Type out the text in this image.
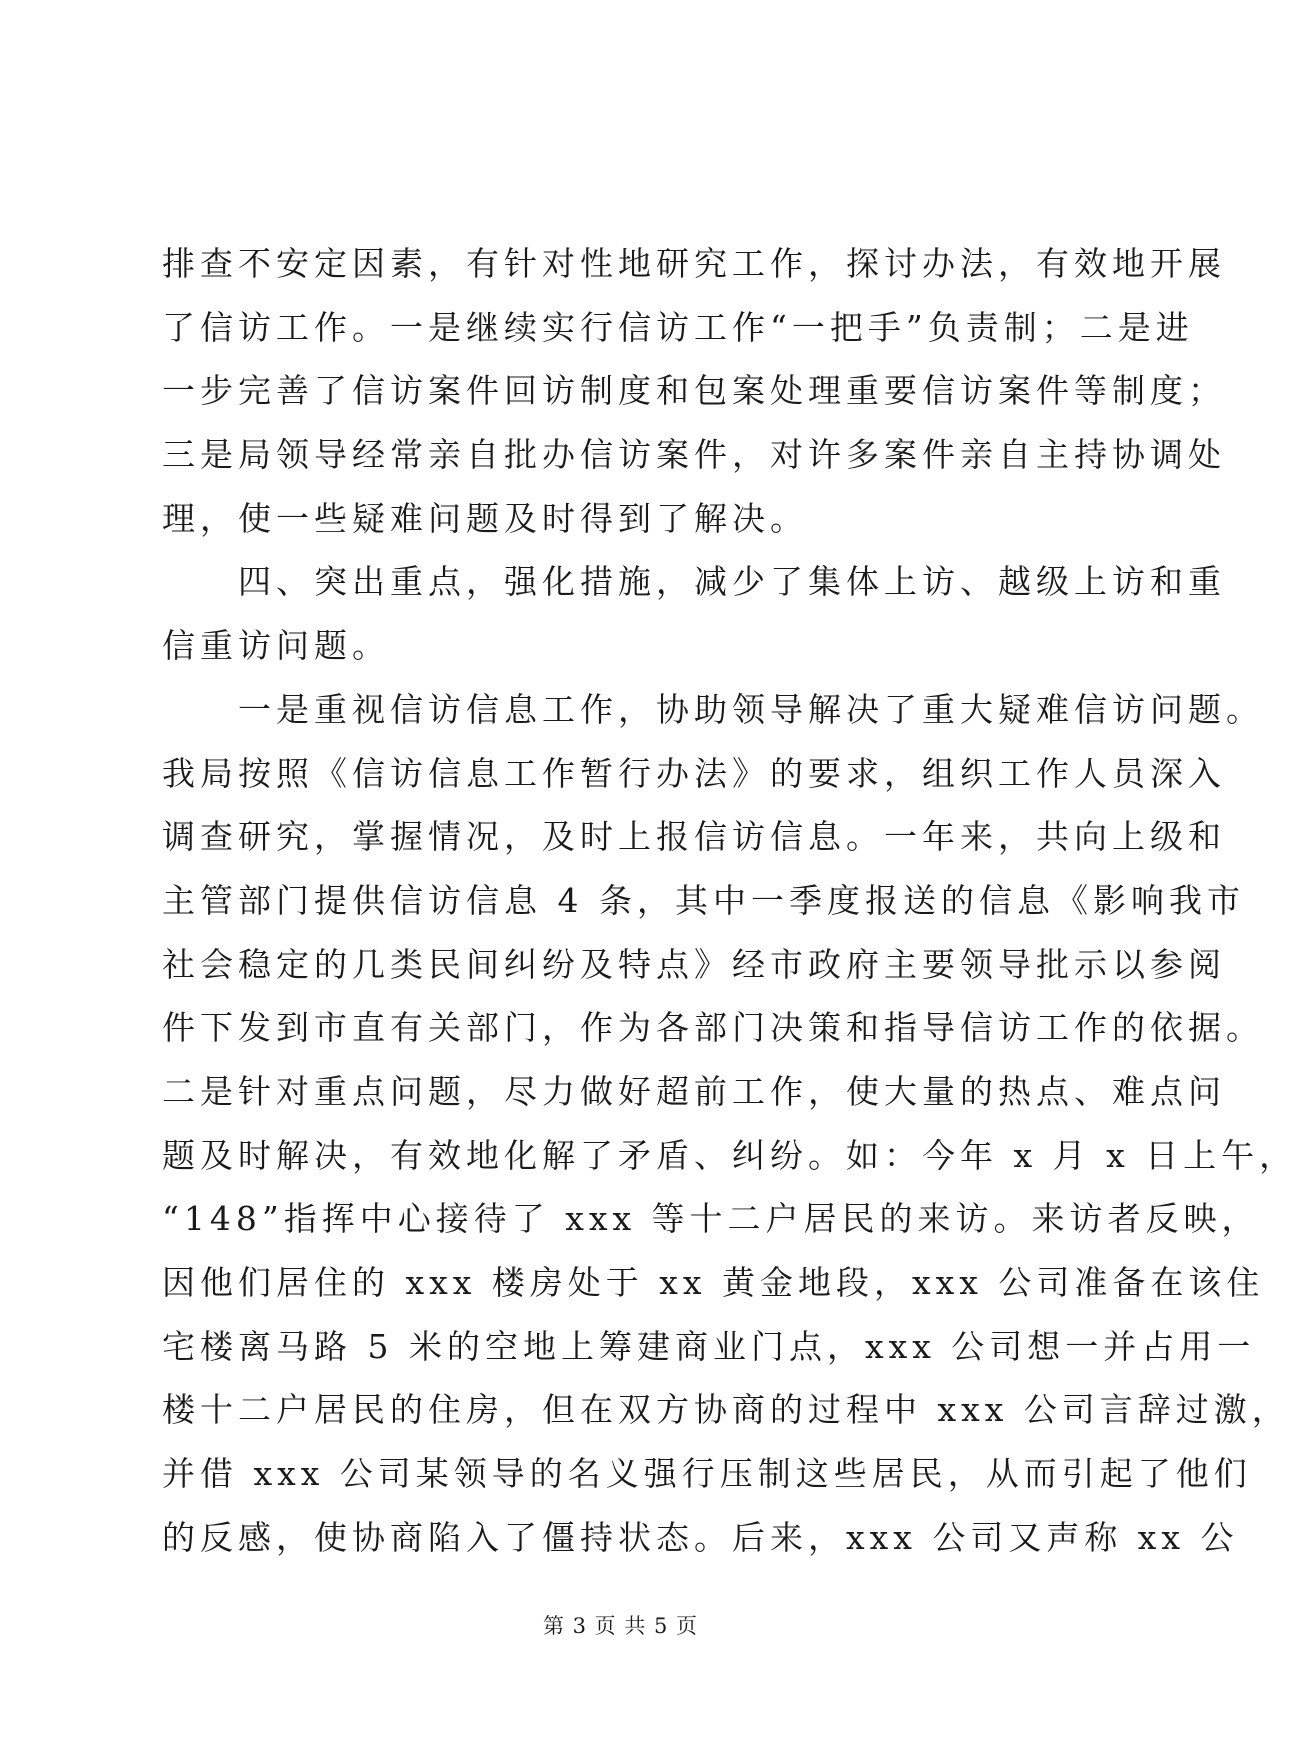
排查不安定因素，有针对性地研究工作，探讨办法，有效地开展
了信访工作。一是继续实行信访工作“一把手”负责制；二是进
一步完善了信访案件回访制度和包案处理重要信访案件等制度；
三是局领导经常亲自批办信访案件，对许多案件亲自主持协调处
理，使一些疑难问题及时得到了解决。
四、突出重点，强化措施，减少了集体上访、越级上访和重
信重访问题。
一是重视信访信息工作，协助领导解决了重大疑难信访问题。
我局按照《信访信息工作暂行办法》的要求，组织工作人员深入
调查研究，掌握情况，及时上报信访信息。一年来，共向上级和
主管部门提供信访信息 4 条，其中一季度报送的信息《影响我市
社会稳定的几类民间纠纷及特点》经市政府主要领导批示以参阅
件下发到市直有关部门，作为各部门决策和指导信访工作的依据。
二是针对重点问题，尽力做好超前工作，使大量的热点、难点问
题及时解决，有效地化解了矛盾、纠纷。如：今年 x 月 x 日上午，
“148”指挥中心接待了 xxx 等十二户居民的来访。来访者反映，
因他们居住的 xxx 楼房处于 xx 黄金地段，xxx 公司准备在该住
宅楼离马路 5 米的空地上筹建商业门点，xxx 公司想一并占用一
楼十二户居民的住房，但在双方协商的过程中 xxx 公司言辞过激，
并借 xxx 公司某领导的名义强行压制这些居民，从而引起了他们
的反感，使协商陷入了僵持状态。后来，xxx 公司又声称 xx 公
第 3 页 共 5 页
